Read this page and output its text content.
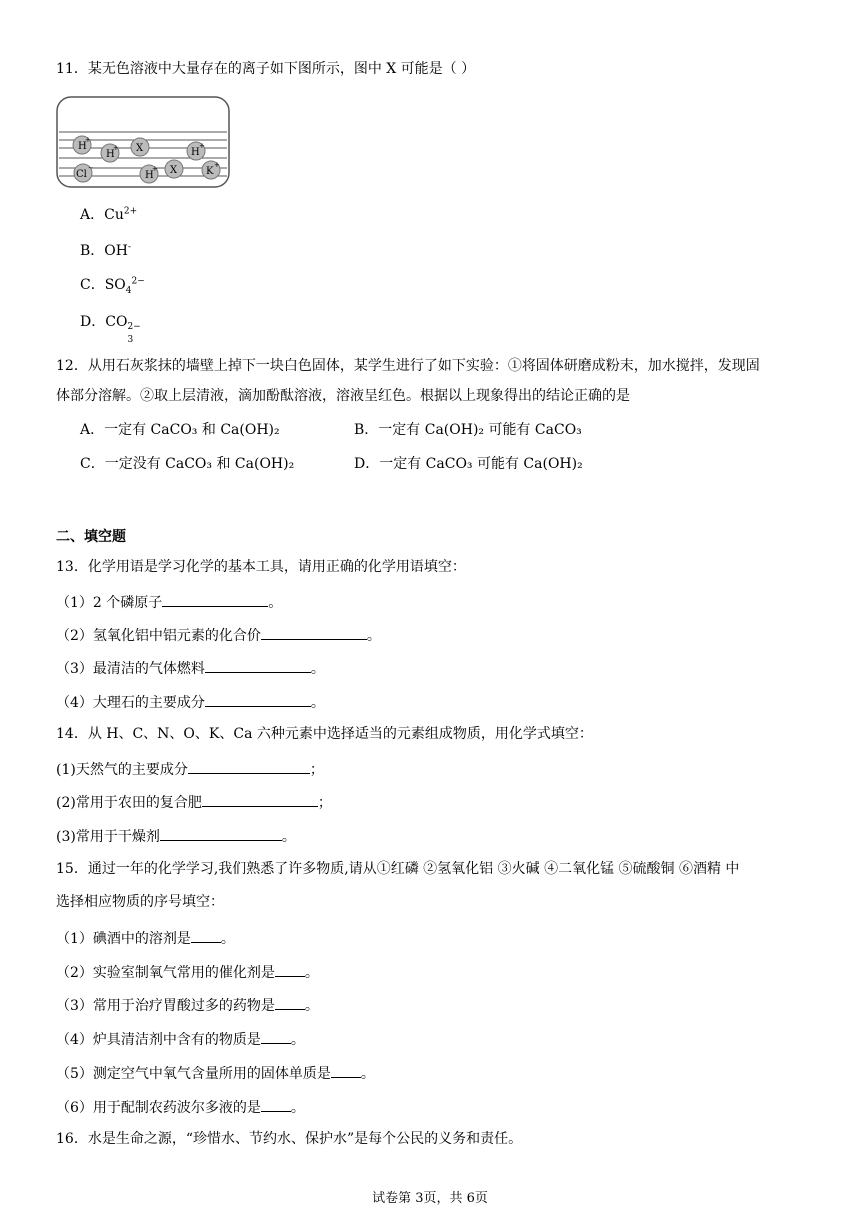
11．某无色溶液中大量存在的离子如下图所示，图中 X 可能是（ ）
H
+
H
+ X	H
+
Cl
−
H
+ X	K
+
A．$Cu^{2+}$
B．OH-
C．$SO_4^{2-}$
D．CO 2−
3
12．从用石灰浆抹的墙壁上掉下一块白色固体，某学生进行了如下实验：①将固体研磨成粉末，加水搅拌，发现固
体部分溶解。②取上层清液，滴加酚酞溶液，溶液呈红色。根据以上现象得出的结论正确的是
A．一定有 CaCO₃ 和 Ca(OH)₂	B．一定有 Ca(OH)₂ 可能有 CaCO₃
C．一定没有 CaCO₃ 和 Ca(OH)₂	D．一定有 CaCO₃ 可能有 Ca(OH)₂
二、填空题
13．化学用语是学习化学的基本工具，请用正确的化学用语填空：
（1）2 个磷原子	。
（2）氢氧化铝中铝元素的化合价	。
（3）最清洁的气体燃料	。
（4）大理石的主要成分	。
14．从 H、C、N、O、K、Ca 六种元素中选择适当的元素组成物质，用化学式填空：
(1)天然气的主要成分	；
(2)常用于农田的复合肥	；
(3)常用于干燥剂	。
15．通过一年的化学学习,我们熟悉了许多物质,请从①红磷 ②氢氧化铝 ③火碱 ④二氧化锰 ⑤硫酸铜 ⑥酒精 中
选择相应物质的序号填空：
（1）碘酒中的溶剂是 。
（2）实验室制氧气常用的催化剂是 。
（3）常用于治疗胃酸过多的药物是 。
（4）炉具清洁剂中含有的物质是 。
（5）测定空气中氧气含量所用的固体单质是 。
（6）用于配制农药波尔多液的是 。
16．水是生命之源，“珍惜水、节约水、保护水”是每个公民的义务和责任。
试卷第 3页，共 6页
